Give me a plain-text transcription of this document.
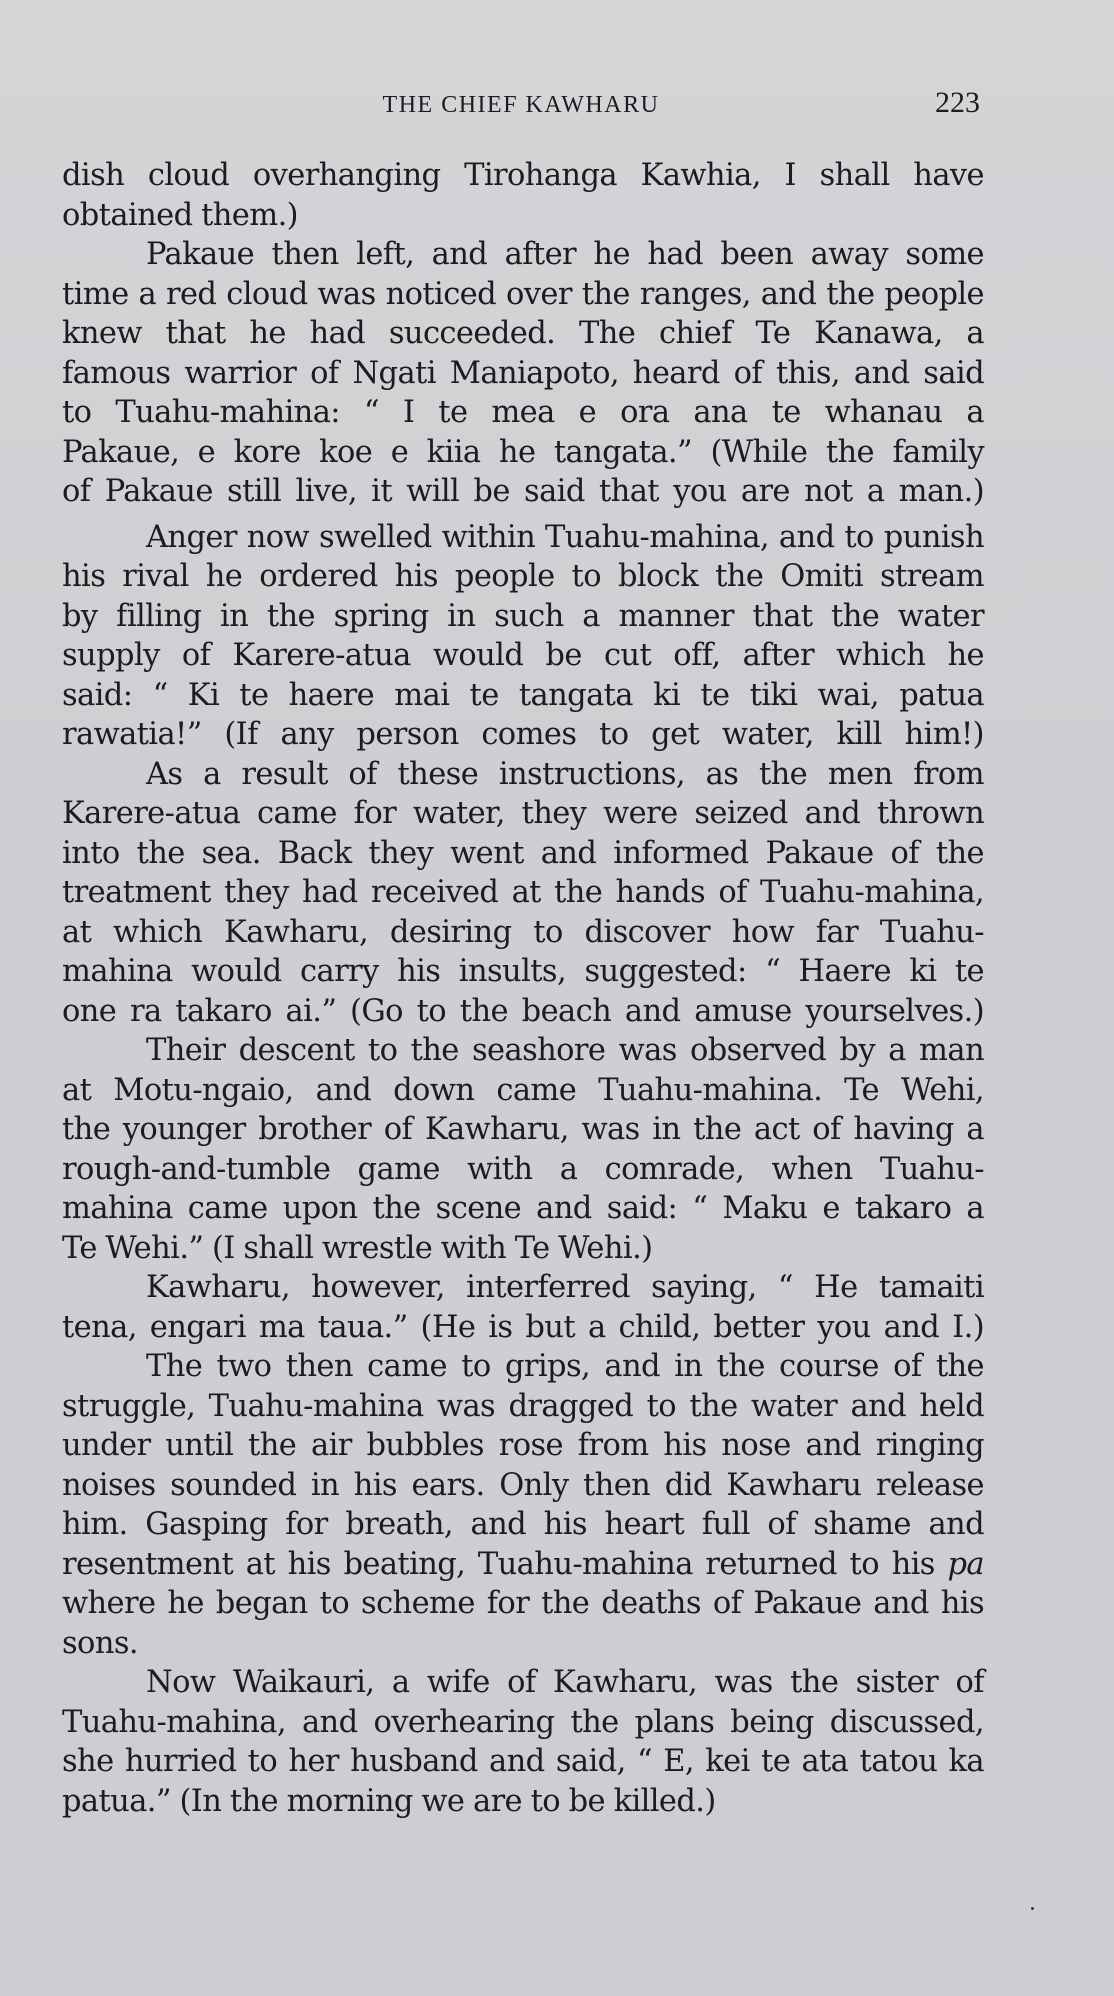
THE CHIEF KAWHARU	223
dish cloud overhanging Tirohanga Kawhia, I shall have
obtained them.)
Pakaue then left, and after he had been away some
time a red cloud was noticed over the ranges, and the people
knew that he had succeeded. The chief Te Kanawa, a
famous warrior of Ngati Maniapoto, heard of this, and said
to Tuahu-mahina: “ I te mea e ora ana te whanau a
Pakaue, e kore koe e kiia he tangata.” (While the family
of Pakaue still live, it will be said that you are not a man.)
Anger now swelled within Tuahu-mahina, and to punish
his rival he ordered his people to block the Omiti stream
by filling in the spring in such a manner that the water
supply of Karere-atua would be cut off, after which he
said: “ Ki te haere mai te tangata ki te tiki wai, patua
rawatia!” (If any person comes to get water, kill him!)
As a result of these instructions, as the men from
Karere-atua came for water, they were seized and thrown
into the sea. Back they went and informed Pakaue of the
treatment they had received at the hands of Tuahu-mahina,
at which Kawharu, desiring to discover how far Tuahu-
mahina would carry his insults, suggested: “ Haere ki te
one ra takaro ai.” (Go to the beach and amuse yourselves.)
Their descent to the seashore was observed by a man
at Motu-ngaio, and down came Tuahu-mahina. Te Wehi,
the younger brother of Kawharu, was in the act of having a
rough-and-tumble game with a comrade, when Tuahu-
mahina came upon the scene and said: “ Maku e takaro a
Te Wehi.” (I shall wrestle with Te Wehi.)
Kawharu, however, interferred saying, “ He tamaiti
tena, engari ma taua.” (He is but a child, better you and I.)
The two then came to grips, and in the course of the
struggle, Tuahu-mahina was dragged to the water and held
under until the air bubbles rose from his nose and ringing
noises sounded in his ears. Only then did Kawharu release
him. Gasping for breath, and his heart full of shame and
resentment at his beating, Tuahu-mahina returned to his pa
where he began to scheme for the deaths of Pakaue and his
sons.
Now Waikauri, a wife of Kawharu, was the sister of
Tuahu-mahina, and overhearing the plans being discussed,
she hurried to her husband and said, “ E, kei te ata tatou ka
patua.” (In the morning we are to be killed.)
